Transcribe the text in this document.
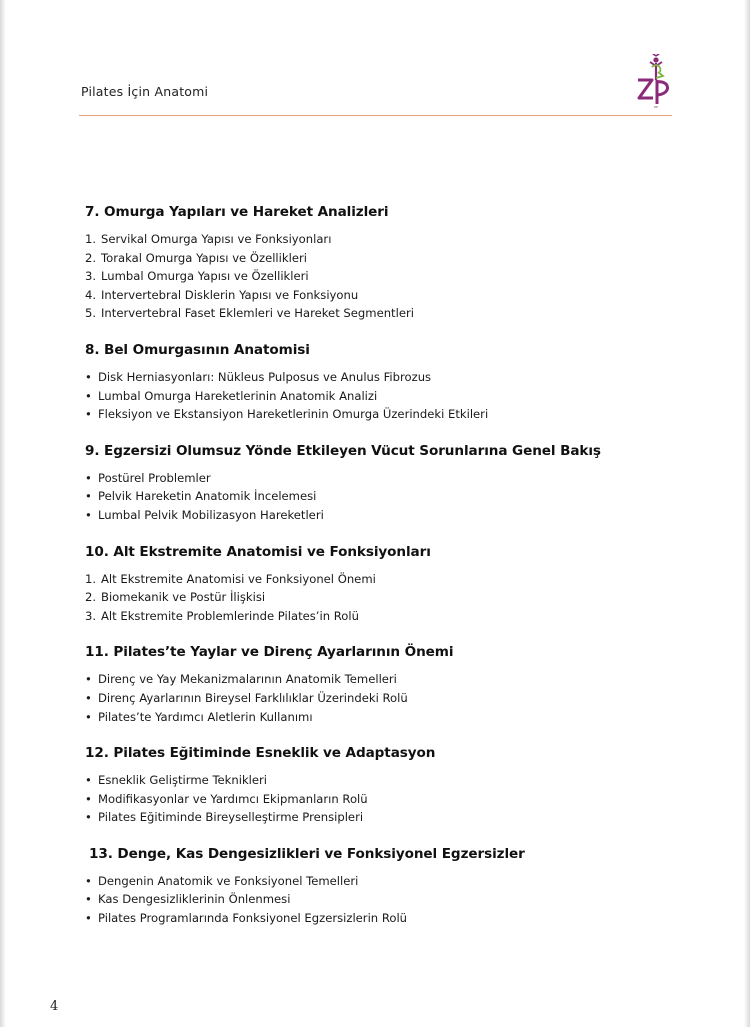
Pilates İçin Anatomi
ZP
7. Omurga Yapıları ve Hareket Analizleri
1. Servikal Omurga Yapısı ve Fonksiyonları
2. Torakal Omurga Yapısı ve Özellikleri
3. Lumbal Omurga Yapısı ve Özellikleri
4. Intervertebral Disklerin Yapısı ve Fonksiyonu
5. Intervertebral Faset Eklemleri ve Hareket Segmentleri
8. Bel Omurgasının Anatomisi
• Disk Herniasyonları: Nükleus Pulposus ve Anulus Fibrozus
• Lumbal Omurga Hareketlerinin Anatomik Analizi
• Fleksiyon ve Ekstansiyon Hareketlerinin Omurga Üzerindeki Etkileri
9. Egzersizi Olumsuz Yönde Etkileyen Vücut Sorunlarına Genel Bakış
• Postürel Problemler
• Pelvik Hareketin Anatomik İncelemesi
• Lumbal Pelvik Mobilizasyon Hareketleri
10. Alt Ekstremite Anatomisi ve Fonksiyonları
1. Alt Ekstremite Anatomisi ve Fonksiyonel Önemi
2. Biomekanik ve Postür İlişkisi
3. Alt Ekstremite Problemlerinde Pilates’in Rolü
11. Pilates’te Yaylar ve Direnç Ayarlarının Önemi
• Direnç ve Yay Mekanizmalarının Anatomik Temelleri
• Direnç Ayarlarının Bireysel Farklılıklar Üzerindeki Rolü
• Pilates’te Yardımcı Aletlerin Kullanımı
12. Pilates Eğitiminde Esneklik ve Adaptasyon
• Esneklik Geliştirme Teknikleri
• Modifikasyonlar ve Yardımcı Ekipmanların Rolü
• Pilates Eğitiminde Bireyselleştirme Prensipleri
13. Denge, Kas Dengesizlikleri ve Fonksiyonel Egzersizler
• Dengenin Anatomik ve Fonksiyonel Temelleri
• Kas Dengesizliklerinin Önlenmesi
• Pilates Programlarında Fonksiyonel Egzersizlerin Rolü
4
